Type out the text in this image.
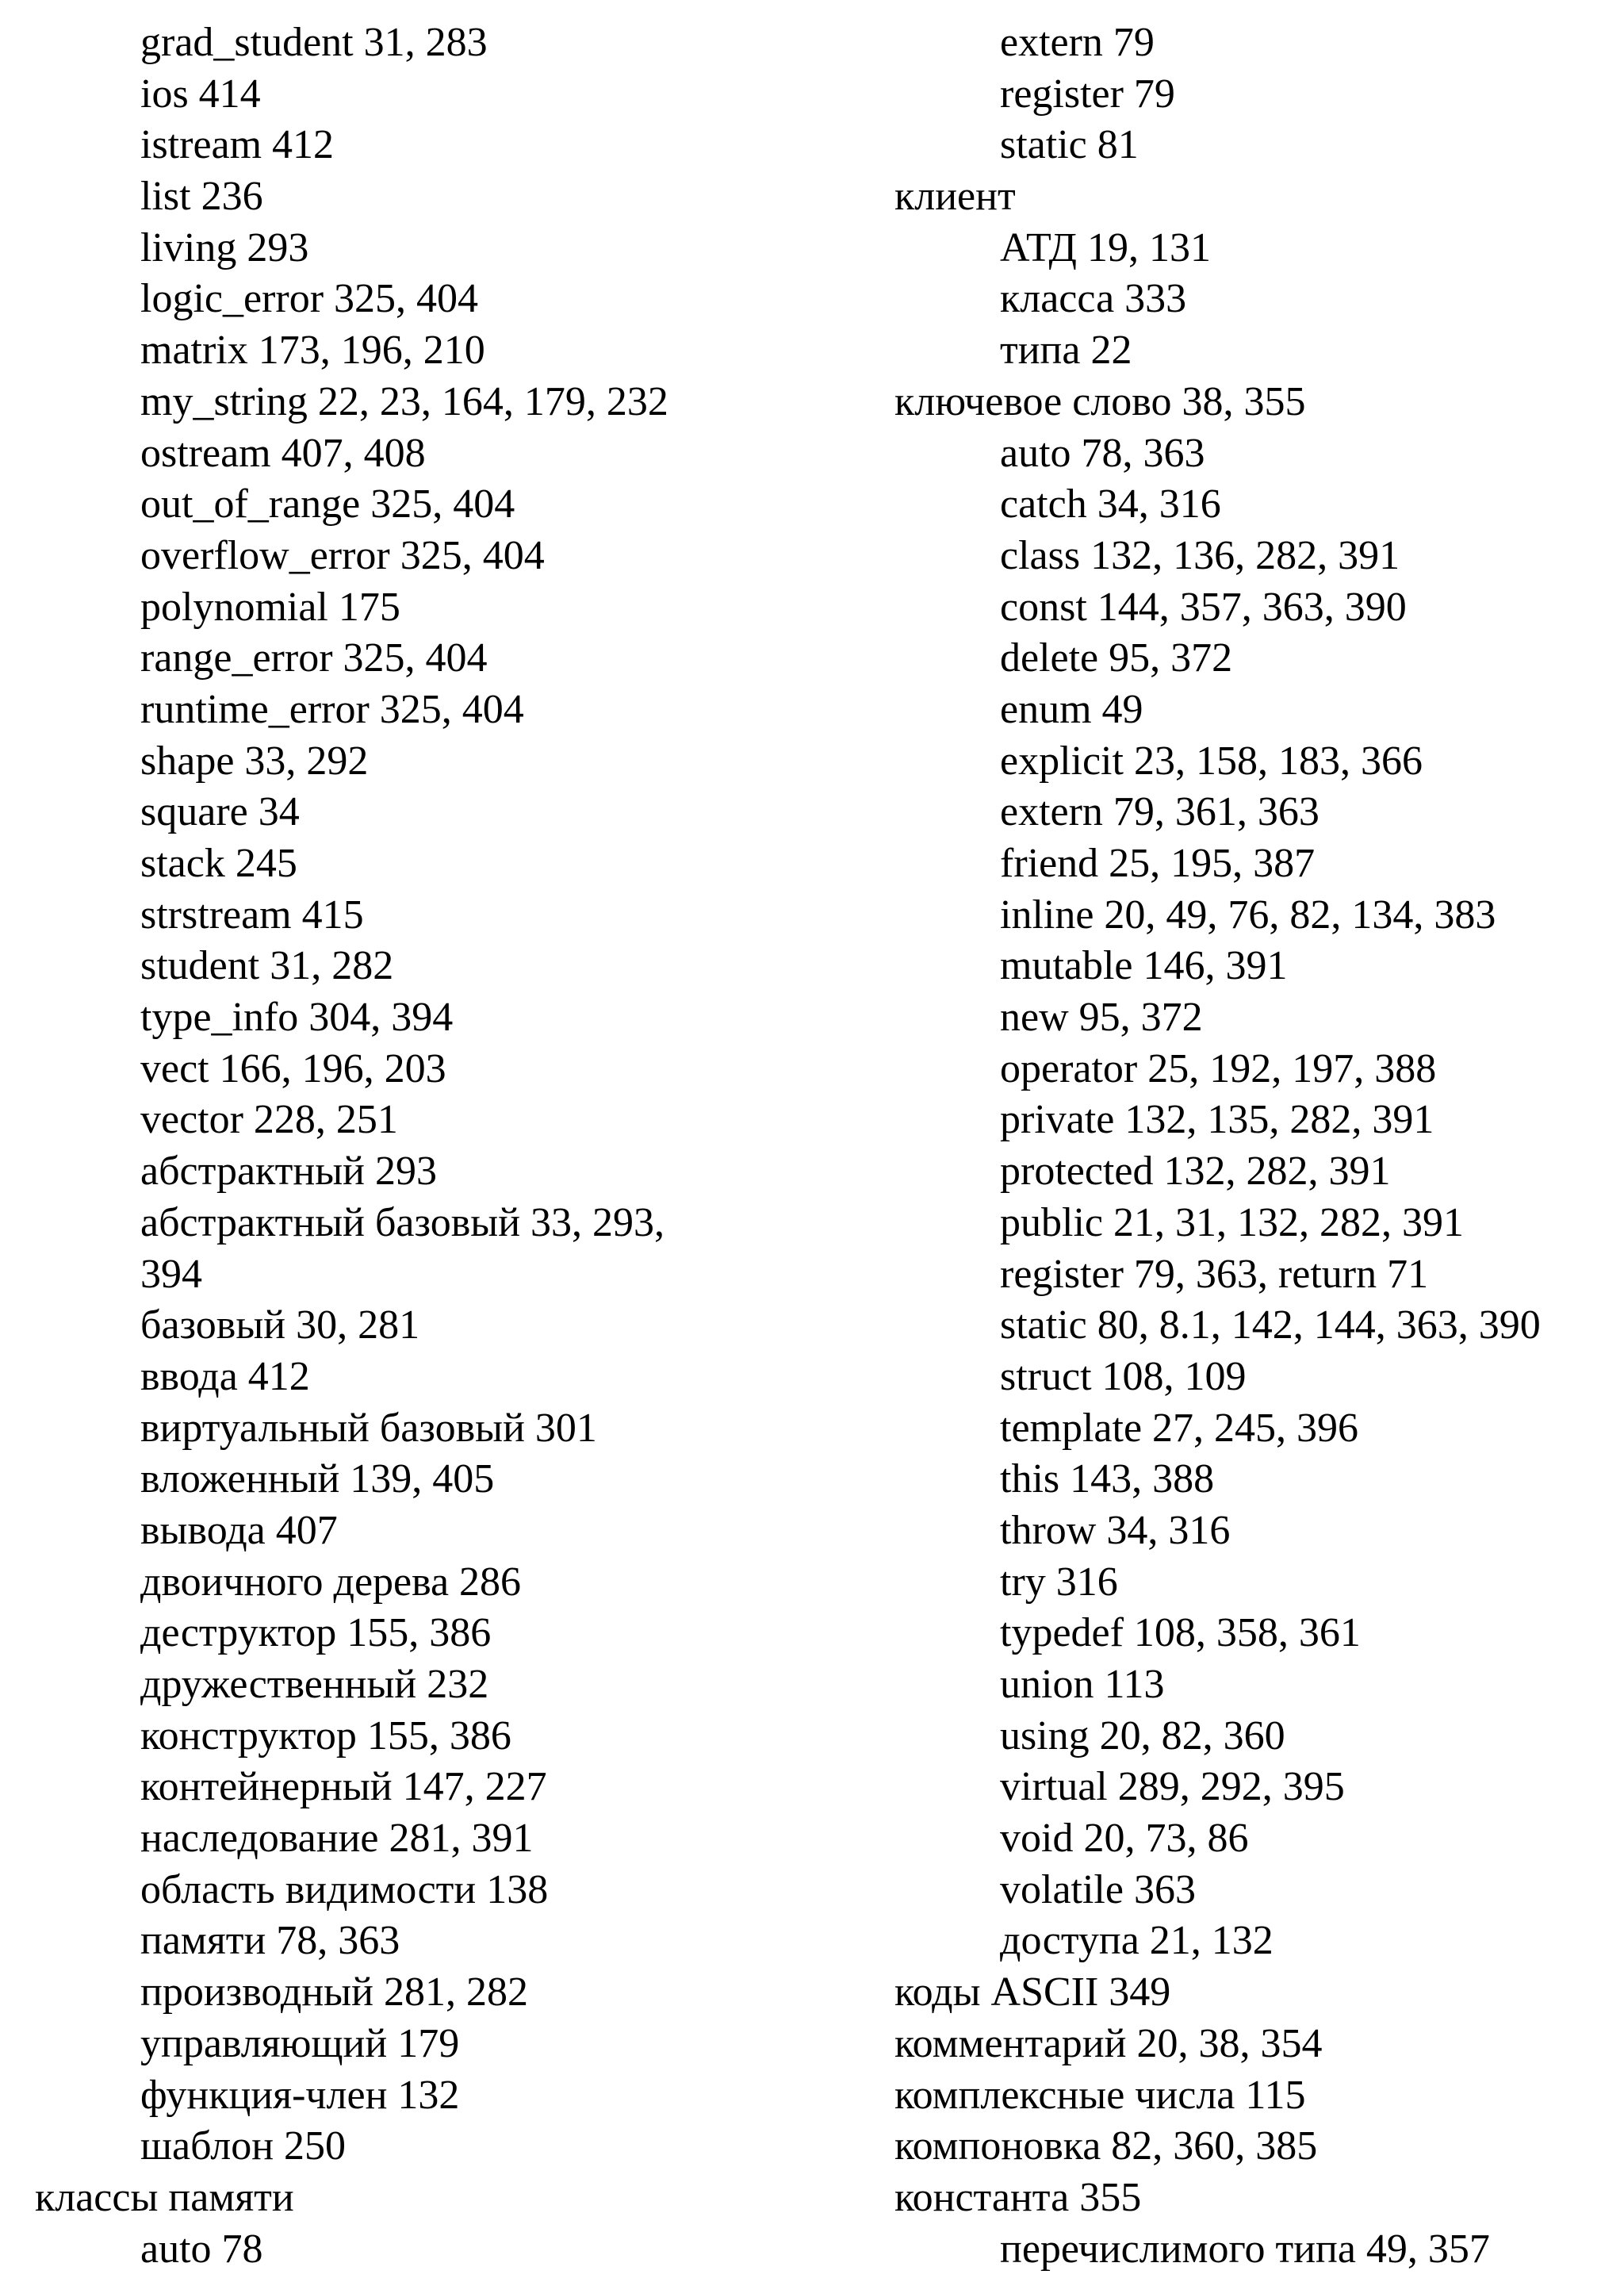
grad_student 31, 283
ios 414
istream 412
list 236
living 293
logic_error 325, 404
matrix 173, 196, 210
my_string 22, 23, 164, 179, 232
ostream 407, 408
out_of_range 325, 404
overflow_error 325, 404
polynomial 175
range_error 325, 404
runtime_error 325, 404
shape 33, 292
square 34
stack 245
strstream 415
student 31, 282
type_info 304, 394
vect 166, 196, 203
vector 228, 251
абстрактный 293
абстрактный базовый 33, 293,
394
базовый 30, 281
ввода 412
виртуальный базовый 301
вложенный 139, 405
вывода 407
двоичного дерева 286
деструктор 155, 386
дружественный 232
конструктор 155, 386
контейнерный 147, 227
наследование 281, 391
область видимости 138
памяти 78, 363
производный 281, 282
управляющий 179
функция-член 132
шаблон 250
классы памяти
auto 78
extern 79
register 79
static 81
клиент
АТД 19, 131
класса 333
типа 22
ключевое слово 38, 355
auto 78, 363
catch 34, 316
class 132, 136, 282, 391
const 144, 357, 363, 390
delete 95, 372
enum 49
explicit 23, 158, 183, 366
extern 79, 361, 363
friend 25, 195, 387
inline 20, 49, 76, 82, 134, 383
mutable 146, 391
new 95, 372
operator 25, 192, 197, 388
private 132, 135, 282, 391
protected 132, 282, 391
public 21, 31, 132, 282, 391
register 79, 363, return 71
static 80, 8.1, 142, 144, 363, 390
struct 108, 109
template 27, 245, 396
this 143, 388
throw 34, 316
try 316
typedef 108, 358, 361
union 113
using 20, 82, 360
virtual 289, 292, 395
void 20, 73, 86
volatile 363
доступа 21, 132
коды ASCII 349
комментарий 20, 38, 354
комплексные числа 115
компоновка 82, 360, 385
константа 355
перечислимого типа 49, 357
